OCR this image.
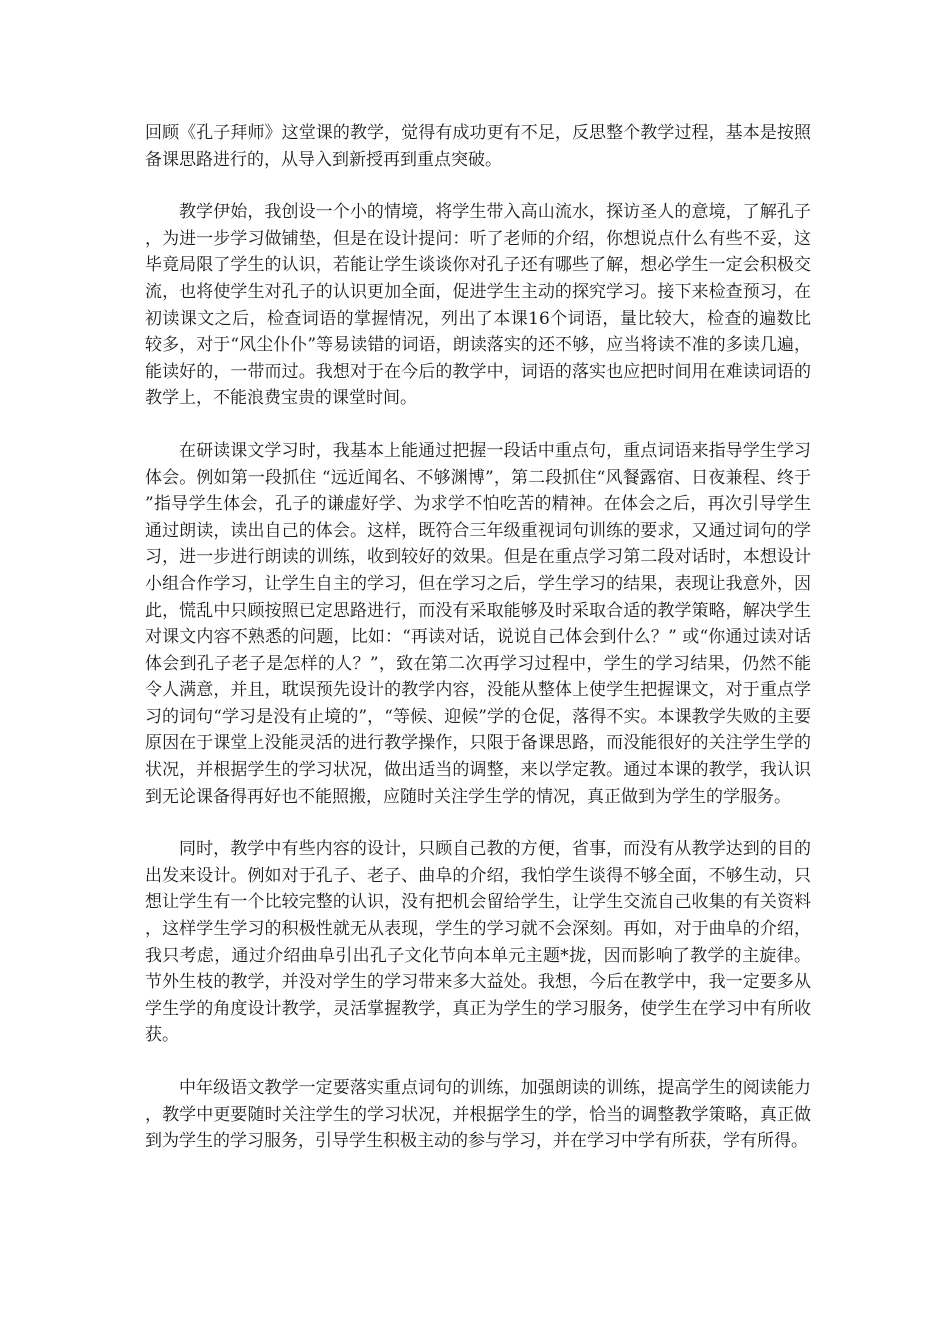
回顾《孔子拜师》这堂课的教学，觉得有成功更有不足，反思整个教学过程，基本是按照备课思路进行的，从导入到新授再到重点突破。

教学伊始，我创设一个小的情境，将学生带入高山流水，探访圣人的意境，了解孔子，为进一步学习做铺垫，但是在设计提问：听了老师的介绍，你想说点什么有些不妥，这毕竟局限了学生的认识，若能让学生谈谈你对孔子还有哪些了解，想必学生一定会积极交流，也将使学生对孔子的认识更加全面，促进学生主动的探究学习。接下来检查预习，在初读课文之后，检查词语的掌握情况，列出了本课16个词语，量比较大，检查的遍数比较多，对于“风尘仆仆”等易读错的词语，朗读落实的还不够，应当将读不准的多读几遍，能读好的，一带而过。我想对于在今后的教学中，词语的落实也应把时间用在难读词语的教学上，不能浪费宝贵的课堂时间。

在研读课文学习时，我基本上能通过把握一段话中重点句，重点词语来指导学生学习体会。例如第一段抓住 “远近闻名、不够渊博”，第二段抓住“风餐露宿、日夜兼程、终于”指导学生体会，孔子的谦虚好学、为求学不怕吃苦的精神。在体会之后，再次引导学生通过朗读，读出自己的体会。这样，既符合三年级重视词句训练的要求，又通过词句的学习，进一步进行朗读的训练，收到较好的效果。但是在重点学习第二段对话时，本想设计小组合作学习，让学生自主的学习，但在学习之后，学生学习的结果，表现让我意外，因此，慌乱中只顾按照已定思路进行，而没有采取能够及时采取合适的教学策略，解决学生对课文内容不熟悉的问题，比如：“再读对话，说说自己体会到什么？” 或“你通过读对话体会到孔子老子是怎样的人？”，致在第二次再学习过程中，学生的学习结果，仍然不能令人满意，并且，耽误预先设计的教学内容，没能从整体上使学生把握课文，对于重点学习的词句“学习是没有止境的”，“等候、迎候”学的仓促，落得不实。本课教学失败的主要原因在于课堂上没能灵活的进行教学操作，只限于备课思路，而没能很好的关注学生学的状况，并根据学生的学习状况，做出适当的调整，来以学定教。通过本课的教学，我认识到无论课备得再好也不能照搬，应随时关注学生学的情况，真正做到为学生的学服务。

同时，教学中有些内容的设计，只顾自己教的方便，省事，而没有从教学达到的目的出发来设计。例如对于孔子、老子、曲阜的介绍，我怕学生谈得不够全面，不够生动，只想让学生有一个比较完整的认识，没有把机会留给学生，让学生交流自己收集的有关资料，这样学生学习的积极性就无从表现，学生的学习就不会深刻。再如，对于曲阜的介绍，我只考虑，通过介绍曲阜引出孔子文化节向本单元主题*拢，因而影响了教学的主旋律。节外生枝的教学，并没对学生的学习带来多大益处。我想，今后在教学中，我一定要多从学生学的角度设计教学，灵活掌握教学，真正为学生的学习服务，使学生在学习中有所收获。

中年级语文教学一定要落实重点词句的训练，加强朗读的训练，提高学生的阅读能力，教学中更要随时关注学生的学习状况，并根据学生的学，恰当的调整教学策略，真正做到为学生的学习服务，引导学生积极主动的参与学习，并在学习中学有所获，学有所得。
